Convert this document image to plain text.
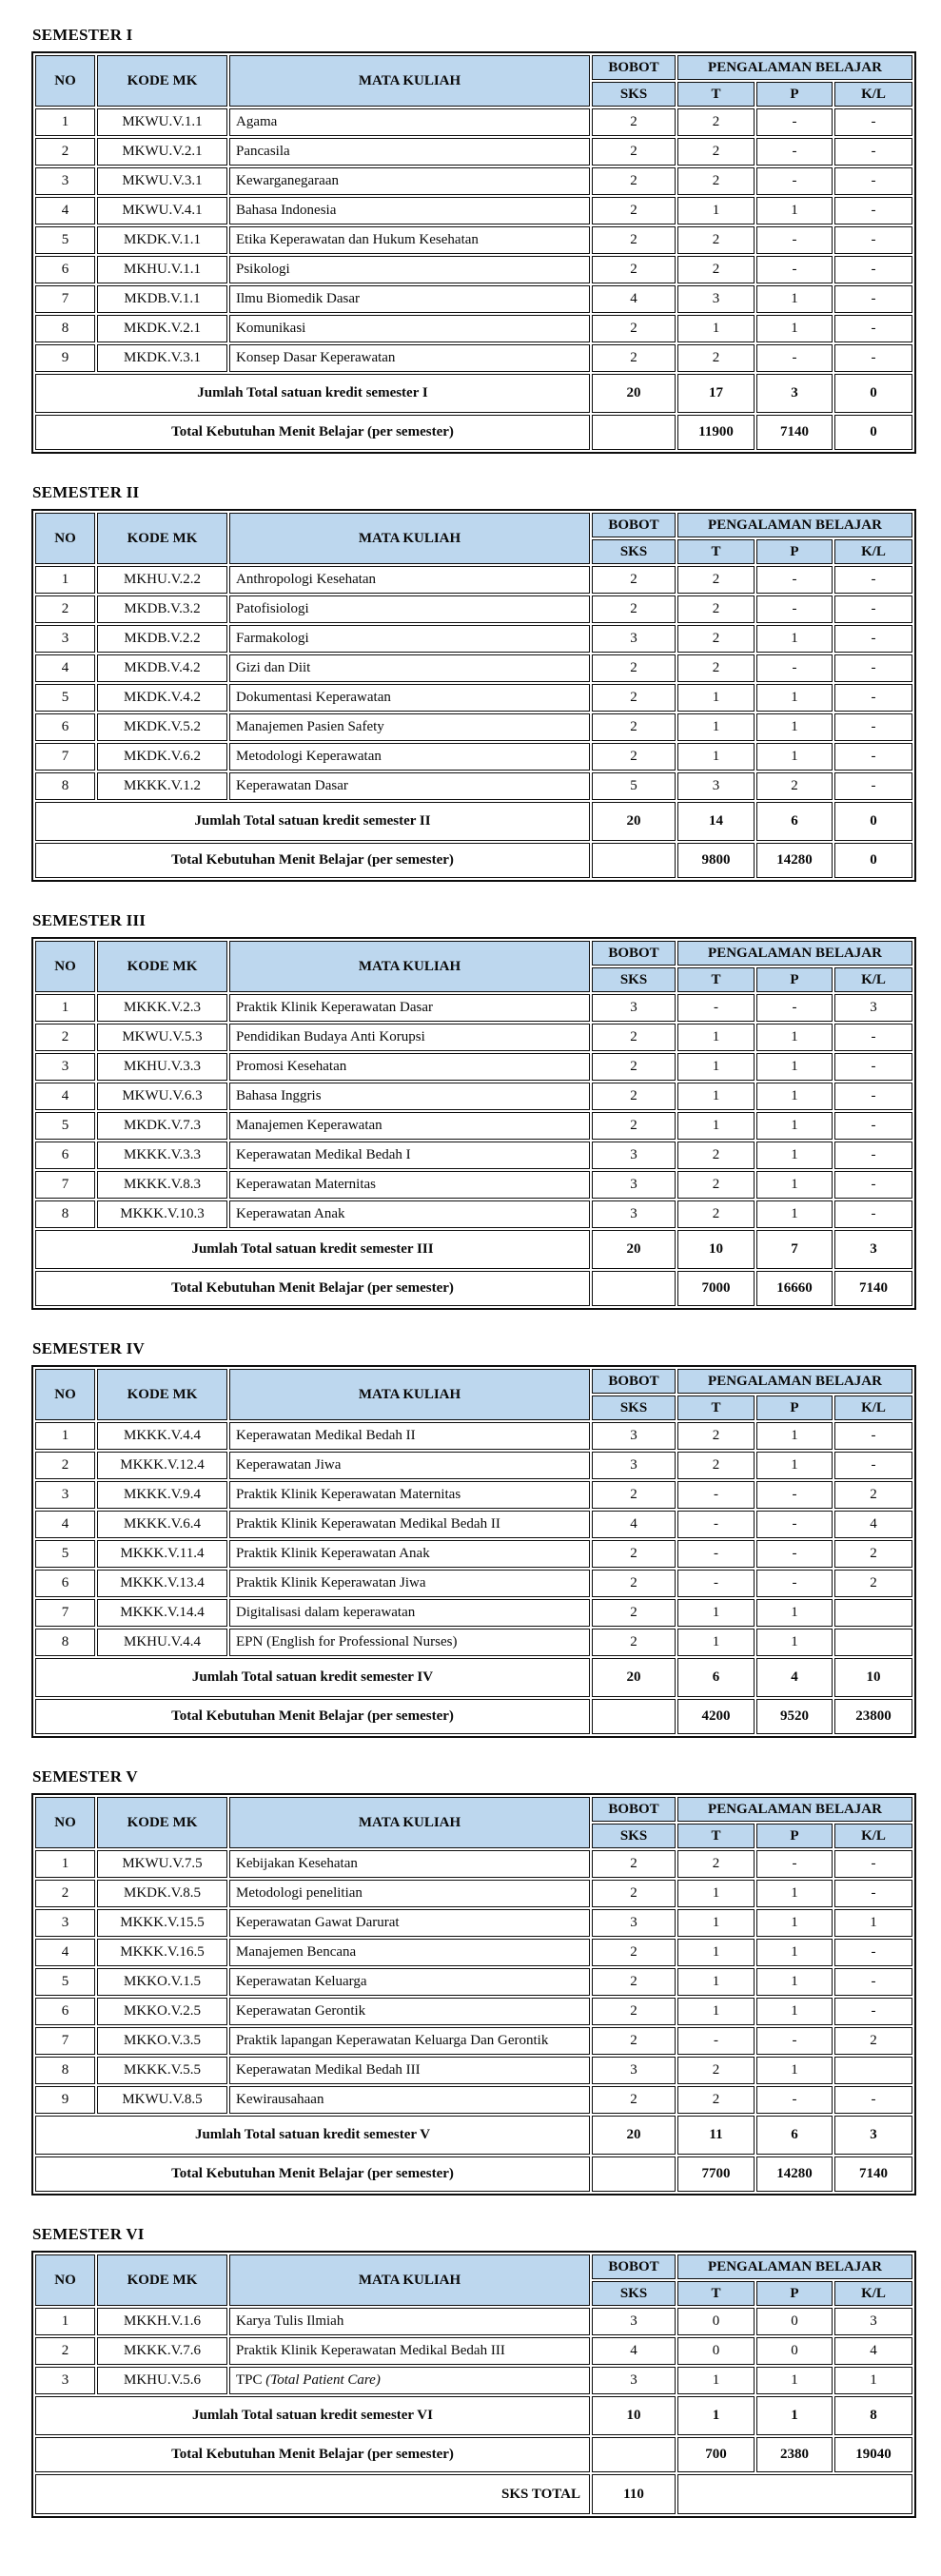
SEMESTER I
NO	KODE MK	MATA KULIAH	BOBOT	PENGALAMAN BELAJAR		
			SKS	T	P	K/L
1	MKWU.V.1.1	Agama	2	2	-	-
2	MKWU.V.2.1	Pancasila	2	2	-	-
3	MKWU.V.3.1	Kewarganegaraan	2	2	-	-
4	MKWU.V.4.1	Bahasa Indonesia	2	1	1	-
5	MKDK.V.1.1	Etika Keperawatan dan Hukum Kesehatan	2	2	-	-
6	MKHU.V.1.1	Psikologi	2	2	-	-
7	MKDB.V.1.1	Ilmu Biomedik Dasar	4	3	1	-
8	MKDK.V.2.1	Komunikasi	2	1	1	-
9	MKDK.V.3.1	Konsep Dasar Keperawatan	2	2	-	-
Jumlah Total satuan kredit semester I			20	17	3	0
Total Kebutuhan Menit Belajar (per semester)				11900	7140	0
SEMESTER II
NO	KODE MK	MATA KULIAH	BOBOT	PENGALAMAN BELAJAR		
			SKS	T	P	K/L
1	MKHU.V.2.2	Anthropologi Kesehatan	2	2	-	-
2	MKDB.V.3.2	Patofisiologi	2	2	-	-
3	MKDB.V.2.2	Farmakologi	3	2	1	-
4	MKDB.V.4.2	Gizi dan Diit	2	2	-	-
5	MKDK.V.4.2	Dokumentasi Keperawatan	2	1	1	-
6	MKDK.V.5.2	Manajemen Pasien Safety	2	1	1	-
7	MKDK.V.6.2	Metodologi Keperawatan	2	1	1	-
8	MKKK.V.1.2	Keperawatan Dasar	5	3	2	-
Jumlah Total satuan kredit semester II			20	14	6	0
Total Kebutuhan Menit Belajar (per semester)				9800	14280	0
SEMESTER III
NO	KODE MK	MATA KULIAH	BOBOT	PENGALAMAN BELAJAR		
			SKS	T	P	K/L
1	MKKK.V.2.3	Praktik Klinik Keperawatan Dasar	3	-	-	3
2	MKWU.V.5.3	Pendidikan Budaya Anti Korupsi	2	1	1	-
3	MKHU.V.3.3	Promosi Kesehatan	2	1	1	-
4	MKWU.V.6.3	Bahasa Inggris	2	1	1	-
5	MKDK.V.7.3	Manajemen Keperawatan	2	1	1	-
6	MKKK.V.3.3	Keperawatan Medikal Bedah I	3	2	1	-
7	MKKK.V.8.3	Keperawatan Maternitas	3	2	1	-
8	MKKK.V.10.3	Keperawatan Anak	3	2	1	-
Jumlah Total satuan kredit semester III			20	10	7	3
Total Kebutuhan Menit Belajar (per semester)				7000	16660	7140
SEMESTER IV
NO	KODE MK	MATA KULIAH	BOBOT	PENGALAMAN BELAJAR		
			SKS	T	P	K/L
1	MKKK.V.4.4	Keperawatan Medikal Bedah II	3	2	1	-
2	MKKK.V.12.4	Keperawatan Jiwa	3	2	1	-
3	MKKK.V.9.4	Praktik Klinik Keperawatan Maternitas	2	-	-	2
4	MKKK.V.6.4	Praktik Klinik Keperawatan Medikal Bedah II	4	-	-	4
5	MKKK.V.11.4	Praktik Klinik Keperawatan Anak	2	-	-	2
6	MKKK.V.13.4	Praktik Klinik Keperawatan Jiwa	2	-	-	2
7	MKKK.V.14.4	Digitalisasi dalam keperawatan	2	1	1	
8	MKHU.V.4.4	EPN (English for Professional Nurses)	2	1	1	
Jumlah Total satuan kredit semester IV			20	6	4	10
Total Kebutuhan Menit Belajar (per semester)				4200	9520	23800
SEMESTER V
NO	KODE MK	MATA KULIAH	BOBOT	PENGALAMAN BELAJAR		
			SKS	T	P	K/L
1	MKWU.V.7.5	Kebijakan Kesehatan	2	2	-	-
2	MKDK.V.8.5	Metodologi penelitian	2	1	1	-
3	MKKK.V.15.5	Keperawatan Gawat Darurat	3	1	1	1
4	MKKK.V.16.5	Manajemen Bencana	2	1	1	-
5	MKKO.V.1.5	Keperawatan Keluarga	2	1	1	-
6	MKKO.V.2.5	Keperawatan Gerontik	2	1	1	-
7	MKKO.V.3.5	Praktik lapangan Keperawatan Keluarga Dan Gerontik	2	-	-	2
8	MKKK.V.5.5	Keperawatan Medikal Bedah III	3	2	1	
9	MKWU.V.8.5	Kewirausahaan	2	2	-	-
Jumlah Total satuan kredit semester V			20	11	6	3
Total Kebutuhan Menit Belajar (per semester)				7700	14280	7140
SEMESTER VI
NO	KODE MK	MATA KULIAH	BOBOT	PENGALAMAN BELAJAR		
			SKS	T	P	K/L
1	MKKH.V.1.6	Karya Tulis Ilmiah	3	0	0	3
2	MKKK.V.7.6	Praktik Klinik Keperawatan Medikal Bedah III	4	0	0	4
3	MKHU.V.5.6	TPC (Total Patient Care)	3	1	1	1
Jumlah Total satuan kredit semester VI			10	1	1	8
Total Kebutuhan Menit Belajar (per semester)				700	2380	19040
SKS TOTAL			110			
